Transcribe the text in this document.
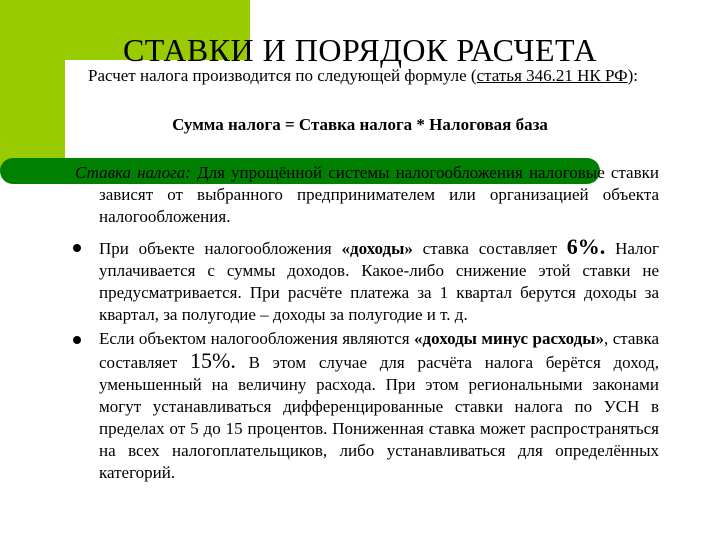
СТАВКИ И ПОРЯДОК РАСЧЕТА
Расчет налога производится по следующей формуле (статья 346.21 НК РФ):
Сумма налога = Ставка налога * Налоговая база

Ставка налога: Для упрощённой системы налогообложения налоговые ставки зависят от выбранного предпринимателем или организацией объекта налогообложения.

При объекте налогообложения «доходы» ставка составляет 6%. Налог уплачивается с суммы доходов. Какое-либо снижение этой ставки не предусматривается. При расчёте платежа за 1 квартал берутся доходы за квартал, за полугодие – доходы за полугодие и т. д.
Если объектом налогообложения являются «доходы минус расходы», ставка составляет 15%. В этом случае для расчёта налога берётся доход, уменьшенный на величину расхода. При этом региональными законами могут устанавливаться дифференцированные ставки налога по УСН в пределах от 5 до 15 процентов. Пониженная ставка может распространяться на всех налогоплательщиков, либо устанавливаться для определённых категорий.
